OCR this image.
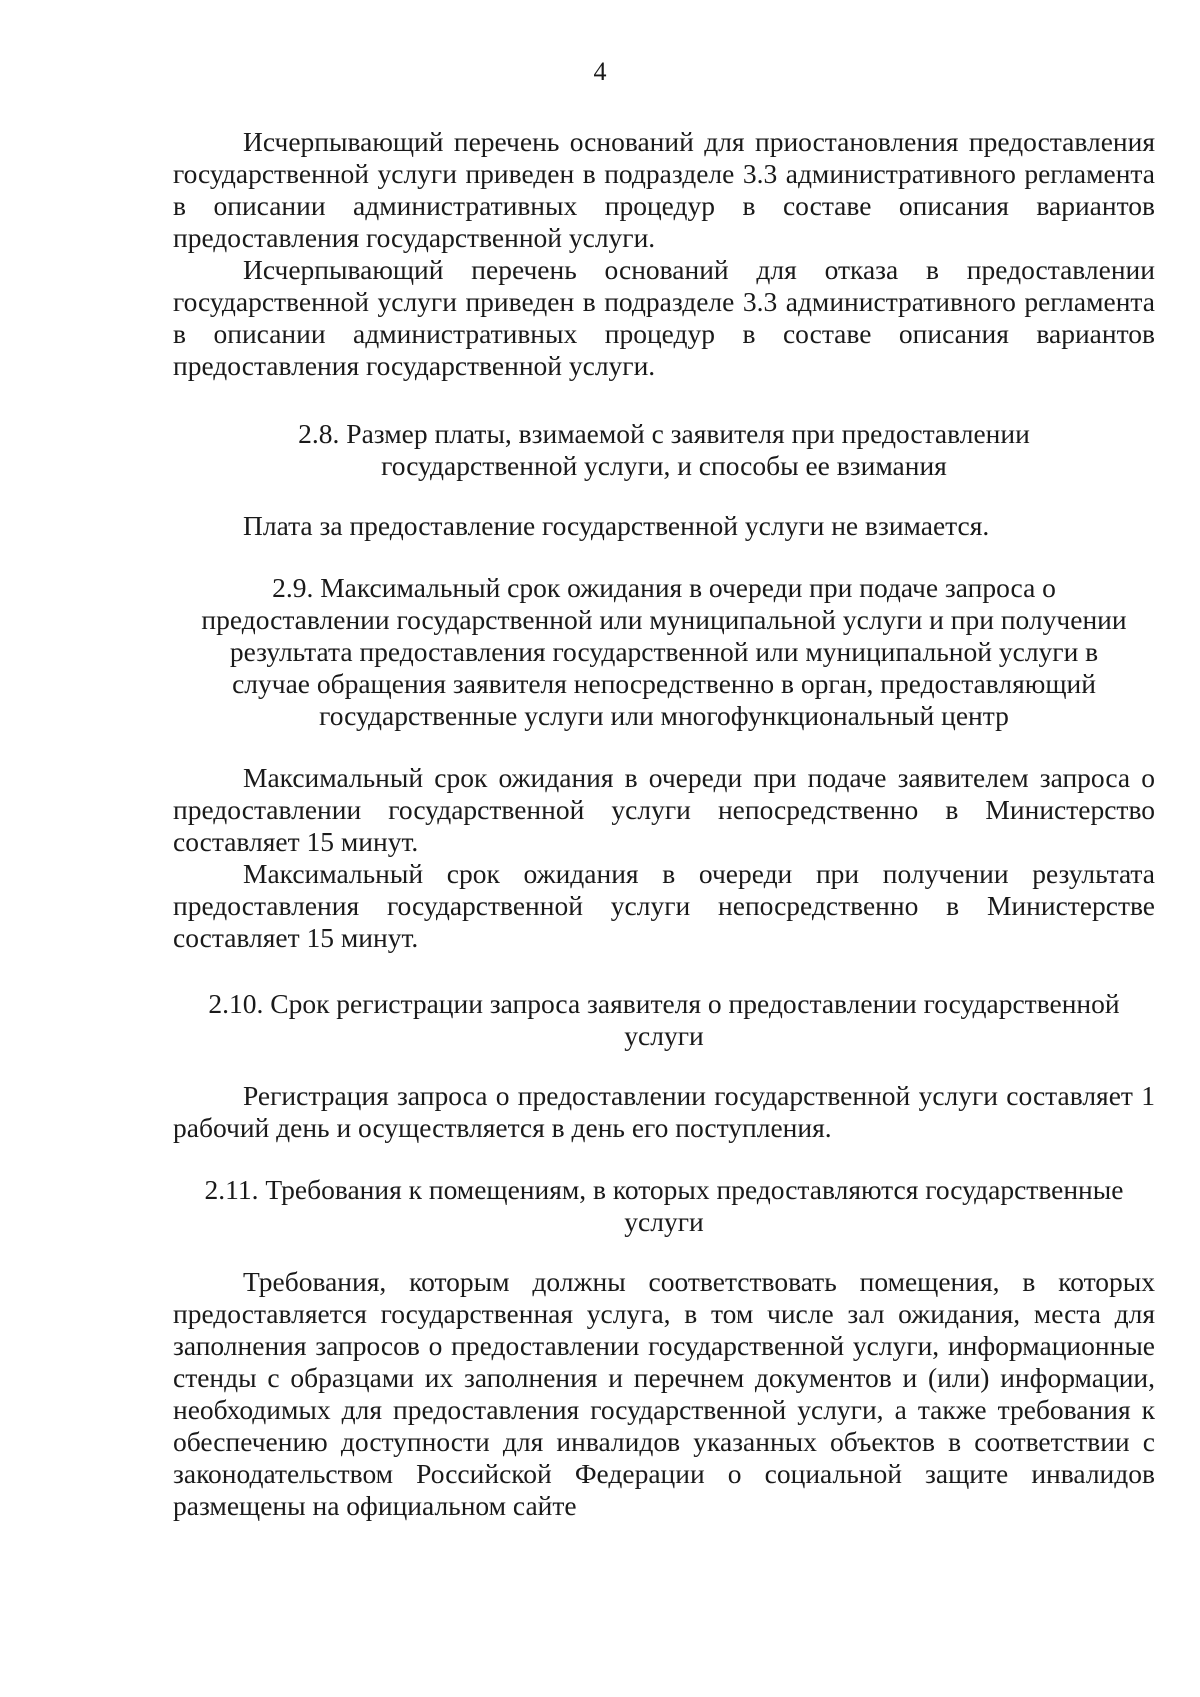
4

Исчерпывающий перечень оснований для приостановления предоставления государственной услуги приведен в подразделе 3.3 административного регламента в описании административных процедур в составе описания вариантов предоставления государственной услуги.

Исчерпывающий перечень оснований для отказа в предоставлении государственной услуги приведен в подразделе 3.3 административного регламента в описании административных процедур в составе описания вариантов предоставления государственной услуги.

2.8. Размер платы, взимаемой с заявителя при предоставлении
государственной услуги, и способы ее взимания

Плата за предоставление государственной услуги не взимается.

2.9. Максимальный срок ожидания в очереди при подаче запроса о
предоставлении государственной или муниципальной услуги и при получении
результата предоставления государственной или муниципальной услуги в
случае обращения заявителя непосредственно в орган, предоставляющий
государственные услуги или многофункциональный центр

Максимальный срок ожидания в очереди при подаче заявителем запроса о предоставлении государственной услуги непосредственно в Министерство составляет 15 минут.

Максимальный срок ожидания в очереди при получении результата предоставления государственной услуги непосредственно в Министерстве составляет 15 минут.

2.10. Срок регистрации запроса заявителя о предоставлении государственной
услуги

Регистрация запроса о предоставлении государственной услуги составляет 1 рабочий день и осуществляется в день его поступления.

2.11. Требования к помещениям, в которых предоставляются государственные
услуги

Требования, которым должны соответствовать помещения, в которых предоставляется государственная услуга, в том числе зал ожидания, места для заполнения запросов о предоставлении государственной услуги, информационные стенды с образцами их заполнения и перечнем документов и (или) информации, необходимых для предоставления государственной услуги, а также требования к обеспечению доступности для инвалидов указанных объектов в соответствии с законодательством Российской Федерации о социальной защите инвалидов размещены на официальном сайте
